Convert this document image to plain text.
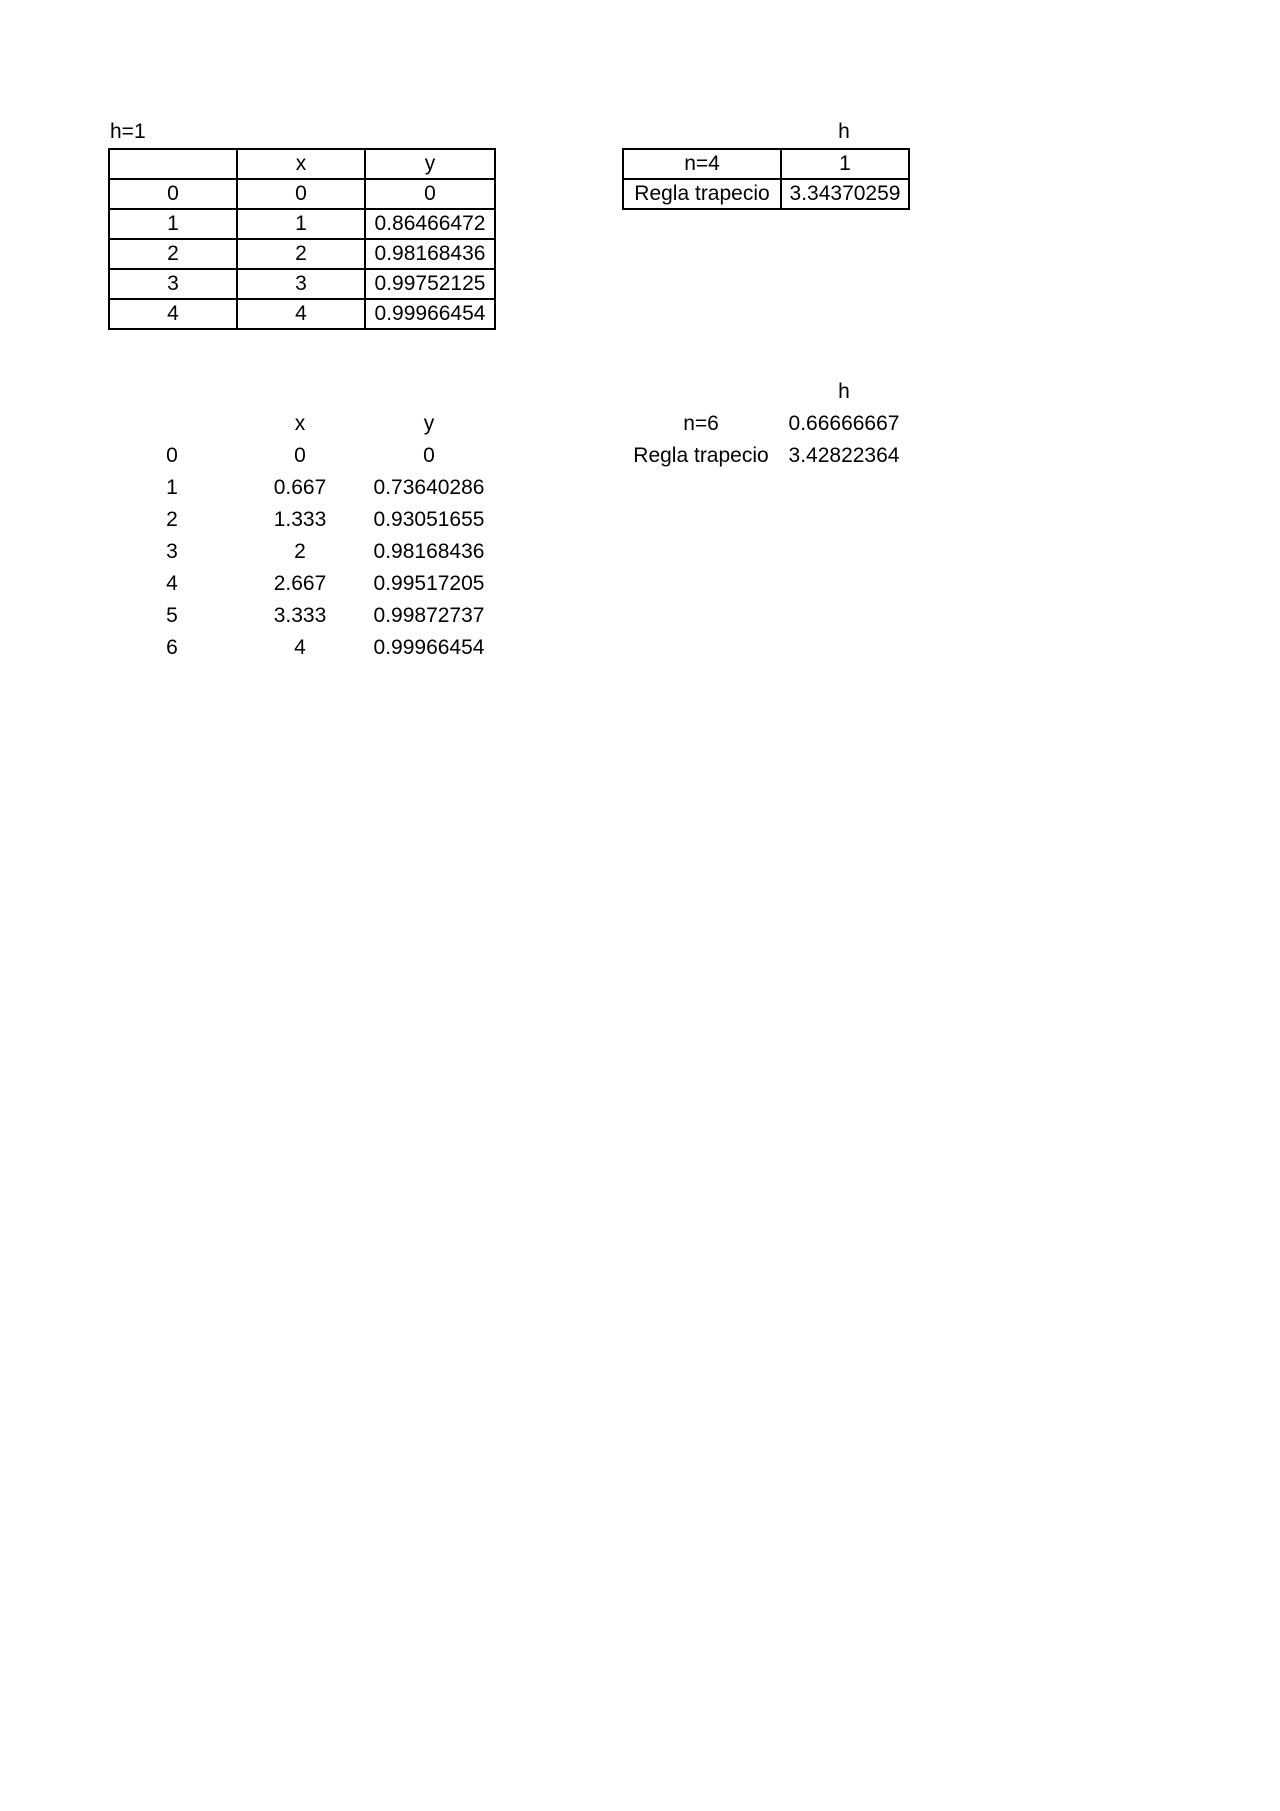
h=1
	x	y
0	0	0
1	1	0.86466472
2	2	0.98168436
3	3	0.99752125
4	4	0.99966454
h
n=4	1
Regla trapecio	3.34370259
	x	y
0	0	0
1	0.667	0.73640286
2	1.333	0.93051655
3	2	0.98168436
4	2.667	0.99517205
5	3.333	0.99872737
6	4	0.99966454
	h
n=6	0.66666667
Regla trapecio	3.42822364
